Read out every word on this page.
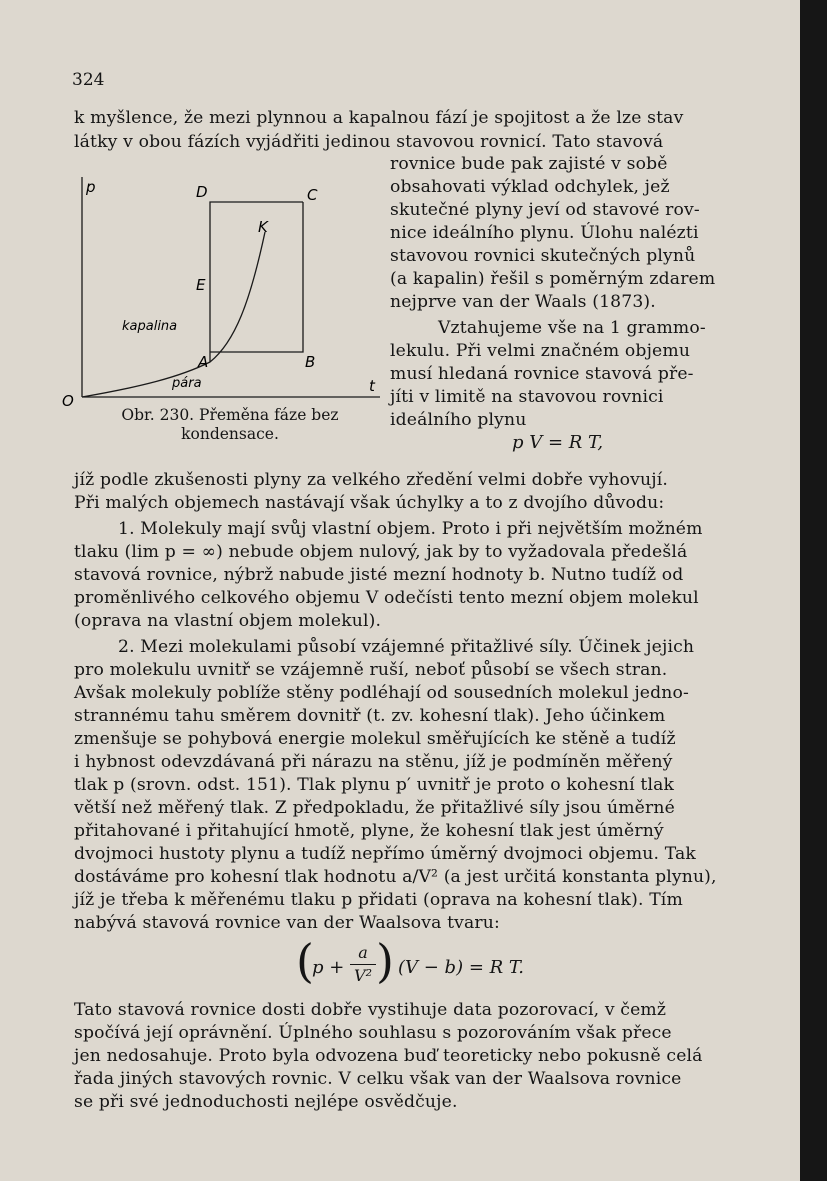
324
k myšlence, že mezi plynnou a kapalnou fází je spojitost a že lze stav
látky v obou fázích vyjádřiti jedinou stavovou rovnicí. Tato stavová
rovnice bude pak zajisté v sobě
obsahovati výklad odchylek, jež
skutečné plyny jeví od stavové rov-
nice ideálního plynu. Úlohu nalézti
stavovou rovnici skutečných plynů
(a kapalin) řešil s poměrným zdarem
nejprve van der Waals (1873).
Vztahujeme vše na 1 grammo-
lekulu. Při velmi značném objemu
musí hledaná rovnice stavová pře-
jíti v limitě na stavovou rovnici
ideálního plynu
p	D	C
K
E
kapalina
A	B
pára	t
O
Obr. 230. Přeměna fáze bez
kondensace.	p V = R T,
jíž podle zkušenosti plyny za velkého zředění velmi dobře vyhovují.
Při malých objemech nastávají však úchylky a to z dvojího důvodu:
1. Molekuly mají svůj vlastní objem. Proto i při největším možném
tlaku (lim p = ∞) nebude objem nulový, jak by to vyžadovala předešlá
stavová rovnice, nýbrž nabude jisté mezní hodnoty b. Nutno tudíž od
proměnlivého celkového objemu V odečísti tento mezní objem molekul
(oprava na vlastní objem molekul).
2. Mezi molekulami působí vzájemné přitažlivé síly. Účinek jejich
pro molekulu uvnitř se vzájemně ruší, neboť působí se všech stran.
Avšak molekuly poblíže stěny podléhají od sousedních molekul jedno-
strannému tahu směrem dovnitř (t. zv. kohesní tlak). Jeho účinkem
zmenšuje se pohybová energie molekul směřujících ke stěně a tudíž
i hybnost odevzdávaná při nárazu na stěnu, jíž je podmíněn měřený
tlak p (srovn. odst. 151). Tlak plynu p′ uvnitř je proto o kohesní tlak
větší než měřený tlak. Z předpokladu, že přitažlivé síly jsou úměrné
přitahované i přitahující hmotě, plyne, že kohesní tlak jest úměrný
dvojmoci hustoty plynu a tudíž nepřímo úměrný dvojmoci objemu. Tak
dostáváme pro kohesní tlak hodnotu a/V² (a jest určitá konstanta plynu),
jíž je třeba k měřenému tlaku p přidati (oprava na kohesní tlak). Tím
nabývá stavová rovnice van der Waalsova tvaru:
(
p +
a
V² ) (V − b) = R T.
Tato stavová rovnice dosti dobře vystihuje data pozorovací, v čemž
spočívá její oprávnění. Úplného souhlasu s pozorováním však přece
jen nedosahuje. Proto byla odvozena buď teoreticky nebo pokusně celá
řada jiných stavových rovnic. V celku však van der Waalsova rovnice
se při své jednoduchosti nejlépe osvědčuje.
